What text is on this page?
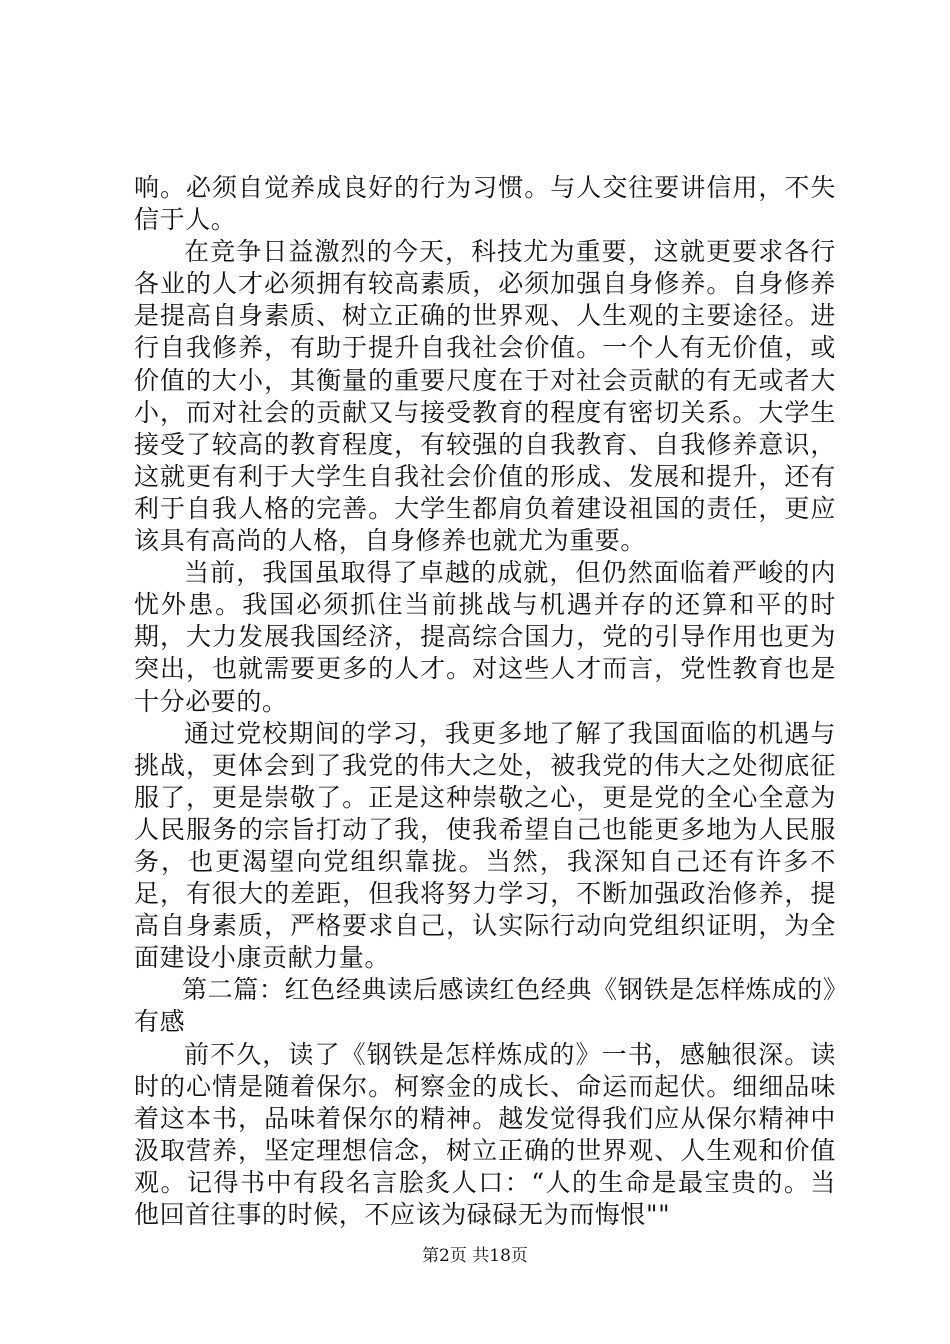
响。必须自觉养成良好的行为习惯。与人交往要讲信用，不失信于人。

在竞争日益激烈的今天，科技尤为重要，这就更要求各行各业的人才必须拥有较高素质，必须加强自身修养。自身修养是提高自身素质、树立正确的世界观、人生观的主要途径。进行自我修养，有助于提升自我社会价值。一个人有无价值，或价值的大小，其衡量的重要尺度在于对社会贡献的有无或者大小，而对社会的贡献又与接受教育的程度有密切关系。大学生接受了较高的教育程度，有较强的自我教育、自我修养意识，这就更有利于大学生自我社会价值的形成、发展和提升，还有利于自我人格的完善。大学生都肩负着建设祖国的责任，更应该具有高尚的人格，自身修养也就尤为重要。

当前，我国虽取得了卓越的成就，但仍然面临着严峻的内忧外患。我国必须抓住当前挑战与机遇并存的还算和平的时期，大力发展我国经济，提高综合国力，党的引导作用也更为突出，也就需要更多的人才。对这些人才而言，党性教育也是十分必要的。

通过党校期间的学习，我更多地了解了我国面临的机遇与挑战，更体会到了我党的伟大之处，被我党的伟大之处彻底征服了，更是崇敬了。正是这种崇敬之心，更是党的全心全意为人民服务的宗旨打动了我，使我希望自己也能更多地为人民服务，也更渴望向党组织靠拢。当然，我深知自己还有许多不足，有很大的差距，但我将努力学习，不断加强政治修养，提高自身素质，严格要求自己，认实际行动向党组织证明，为全面建设小康贡献力量。

第二篇：红色经典读后感读红色经典《钢铁是怎样炼成的》有感

前不久，读了《钢铁是怎样炼成的》一书，感触很深。读时的心情是随着保尔。柯察金的成长、命运而起伏。细细品味着这本书，品味着保尔的精神。越发觉得我们应从保尔精神中汲取营养，坚定理想信念，树立正确的世界观、人生观和价值观。记得书中有段名言脍炙人口：“人的生命是最宝贵的。当他回首往事的时候，不应该为碌碌无为而悔恨""

第2页 共18页
